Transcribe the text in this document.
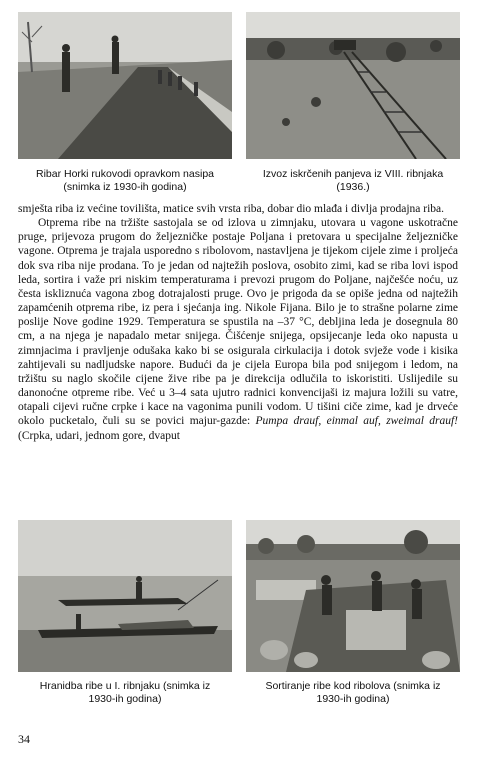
Ribar Horki rukovodi opravkom nasipa (snimka iz 1930-ih godina)
Izvoz iskrčenih panjeva iz VIII. ribnjaka (1936.)

smješta riba iz većine tovilišta, matice svih vrsta riba, dobar dio mlađa i divlja prodajna riba.

Otprema ribe na tržište sastojala se od izlova u zimnjaku, utovara u vagone uskotračne pruge, prijevoza prugom do željezničke postaje Poljana i pretovara u specijalne željezničke vagone. Otprema je trajala usporedno s ribolovom, nastavljena je tijekom cijele zime i proljeća dok sva riba nije prodana. To je jedan od najtežih poslova, osobito zimi, kad se riba lovi ispod leda, sortira i važe pri niskim temperaturama i prevozi prugom do Poljane, najčešće noću, uz česta iskliznuća vagona zbog dotrajalosti pruge. Ovo je prigoda da se opiše jedna od najtežih zapamćenih otprema ribe, iz pera i sjećanja ing. Nikole Fijana. Bilo je to strašne polarne zime poslije Nove godine 1929. Temperatura se spustila na –37 °C, debljina leda je dosegnula 80 cm, a na njega je napadalo metar snijega. Čišćenje snijega, opsijecanje leda oko napusta u zimnjacima i pravljenje odušaka kako bi se osigurala cirkulacija i dotok svježe vode i kisika zahtijevali su nadljudske napore. Budući da je cijela Europa bila pod snijegom i ledom, na tržištu su naglo skočile cijene žive ribe pa je direkcija odlučila to iskoristiti. Uslijedile su danonoćne otpreme ribe. Već u 3–4 sata ujutro radnici konvencijaši iz majura ložili su vatre, otapali cijevi ručne crpke i kace na vagonima punili vodom. U tišini ciče zime, kad je drveće okolo pucketalo, čuli su se povici majur-gazde: Pumpa drauf, einmal auf, zweimal drauf! (Crpka, udari, jednom gore, dvaput

Hranidba ribe u I. ribnjaku (snimka iz 1930-ih godina)
Sortiranje ribe kod ribolova (snimka iz 1930-ih godina)
34
